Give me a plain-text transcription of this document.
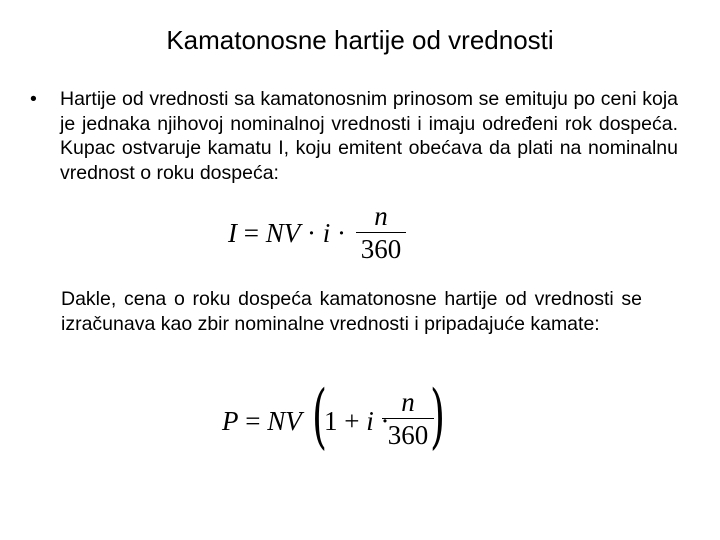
Kamatonosne hartije od vrednosti
• Hartije od vrednosti sa kamatonosnim prinosom se emituju po ceni koja je jednaka njihovoj nominalnoj vrednosti i imaju određeni rok dospeća. Kupac ostvaruje kamatu I, koju emitent obećava da plati na nominalnu vrednost o roku dospeća:
I = NV · i ·
n
360
Dakle, cena o roku dospeća kamatonosne hartije od vrednosti se izračunava kao zbir nominalne vrednosti i pripadajuće kamate:
P = NV (
1 + i ·
n
360 )
